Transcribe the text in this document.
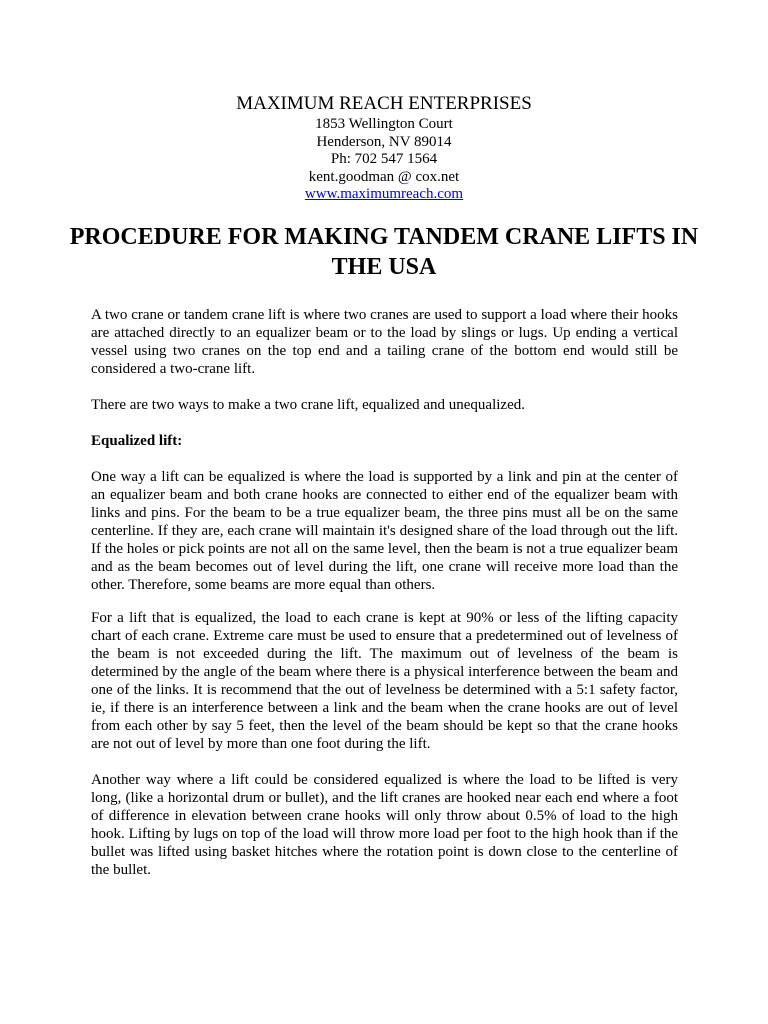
MAXIMUM REACH ENTERPRISES

1853 Wellington Court

Henderson, NV 89014

Ph: 702 547 1564

kent.goodman @ cox.net

www.maximumreach.com

PROCEDURE FOR MAKING TANDEM CRANE LIFTS IN THE USA

A two crane or tandem crane lift is where two cranes are used to support a load where their hooks are attached directly to an equalizer beam or to the load by slings or lugs. Up ending a vertical vessel using two cranes on the top end and a tailing crane of the bottom end would still be considered a two-crane lift.

There are two ways to make a two crane lift, equalized and unequalized.

Equalized lift:

One way a lift can be equalized is where the load is supported by a link and pin at the center of an equalizer beam and both crane hooks are connected to either end of the equalizer beam with links and pins. For the beam to be a true equalizer beam, the three pins must all be on the same centerline. If they are, each crane will maintain it's designed share of the load through out the lift. If the holes or pick points are not all on the same level, then the beam is not a true equalizer beam and as the beam becomes out of level during the lift, one crane will receive more load than the other. Therefore, some beams are more equal than others.

For a lift that is equalized, the load to each crane is kept at 90% or less of the lifting capacity chart of each crane. Extreme care must be used to ensure that a predetermined out of levelness of the beam is not exceeded during the lift. The maximum out of levelness of the beam is determined by the angle of the beam where there is a physical interference between the beam and one of the links. It is recommend that the out of levelness be determined with a 5:1 safety factor, ie, if there is an interference between a link and the beam when the crane hooks are out of level from each other by say 5 feet, then the level of the beam should be kept so that the crane hooks are not out of level by more than one foot during the lift.

Another way where a lift could be considered equalized is where the load to be lifted is very long, (like a horizontal drum or bullet), and the lift cranes are hooked near each end where a foot of difference in elevation between crane hooks will only throw about 0.5% of load to the high hook. Lifting by lugs on top of the load will throw more load per foot to the high hook than if the bullet was lifted using basket hitches where the rotation point is down close to the centerline of the bullet.
